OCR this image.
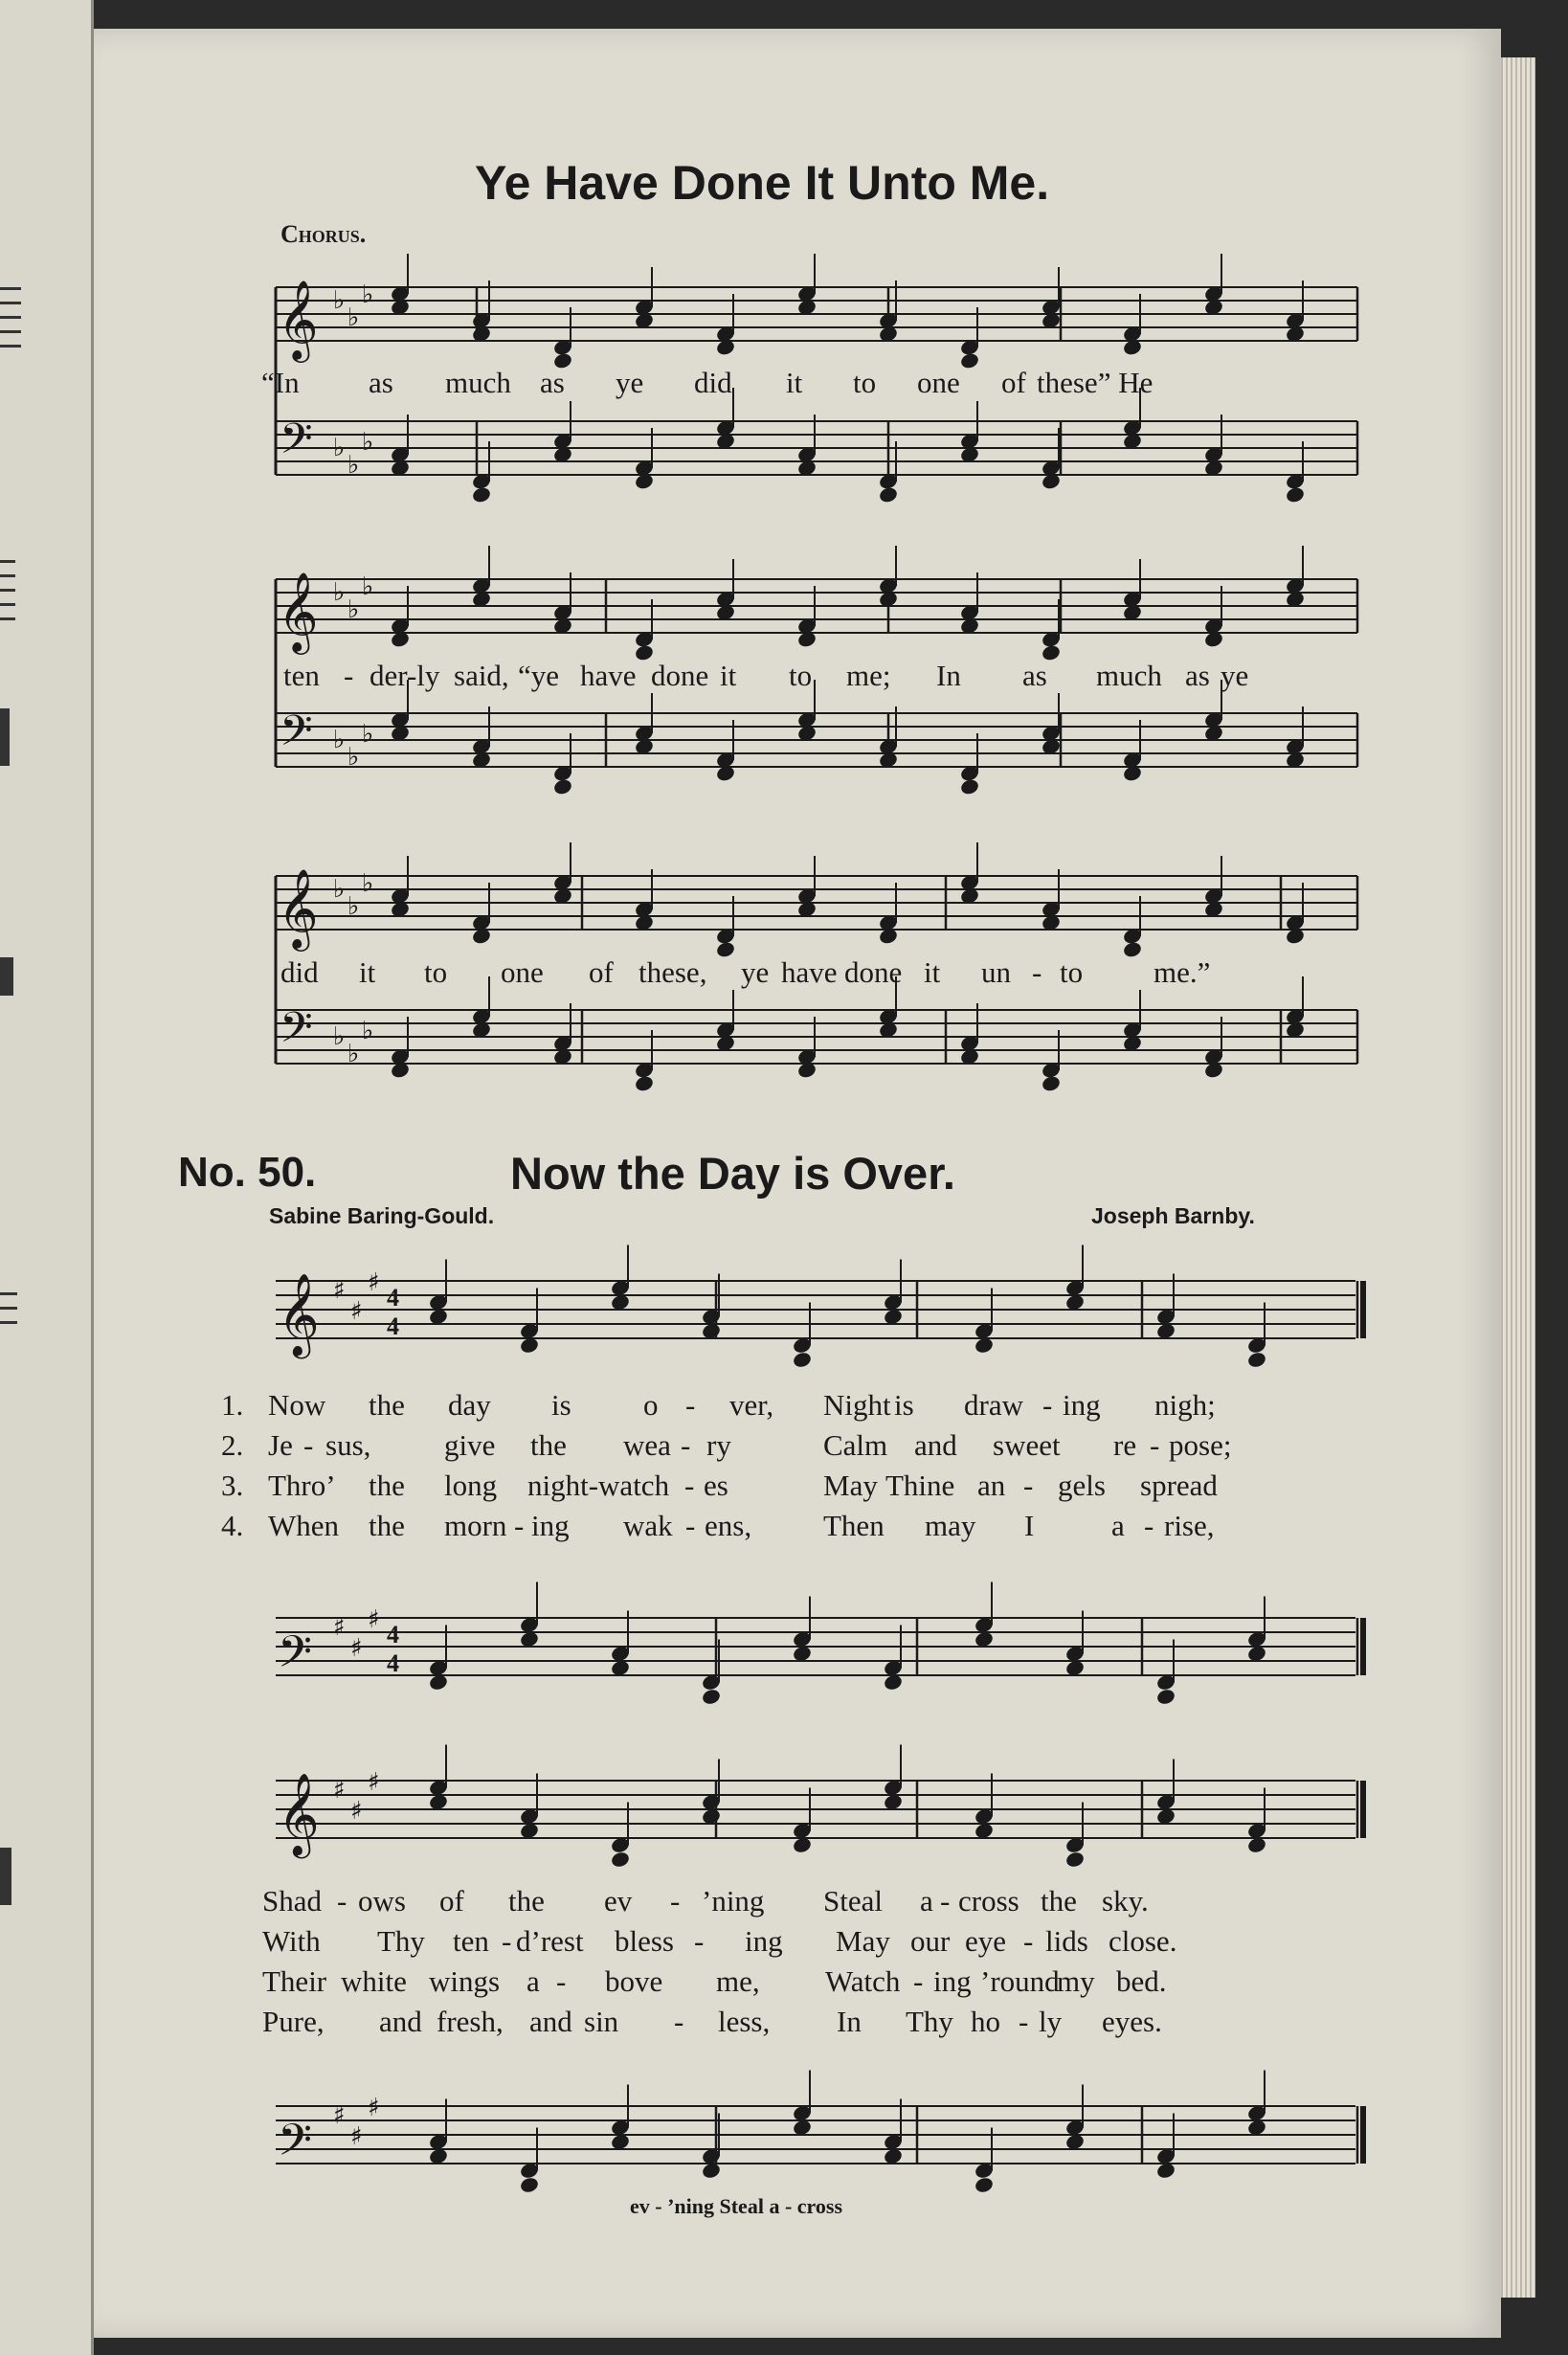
Ye Have Done It Unto Me.
Chorus.
𝄞
𝄢
♭
♭
♭
♭
♭
♭
𝄞
𝄢
♭
♭
♭
♭
♭
♭
𝄞
𝄢
♭
♭
♭
♭
♭
♭
“In as much as ye did it to one of these” He
ten - der-ly said, “ye have done it to me; In as much as ye
did it to one of these, ye have done it un - to me.”
No. 50.	Now the Day is Over.
Sabine Baring-Gould.	Joseph Barnby.
𝄞 ♯
♯
♯
4
4
𝄢 ♯
♯
♯
4
4
𝄞 ♯
♯
♯
𝄢 ♯
♯
♯
1. Now the day is o - ver, Night is draw - ing nigh;
2. Je - sus, give the wea - ry	Calm and sweet re - pose;
3. Thro’ the long night-watch - es	May Thine an - gels spread
4. When the morn - ing wak - ens, Then may I	a - rise,
Shad - ows of the ev - ’ning Steal a - cross the sky.
With Thy ten - d’rest bless - ing May our eye - lids close.
Their white wings a - bove me, Watch - ing ’round
my bed.
Pure, and fresh, and sin - less, In Thy ho - ly eyes.
ev - ’ning Steal a - cross
